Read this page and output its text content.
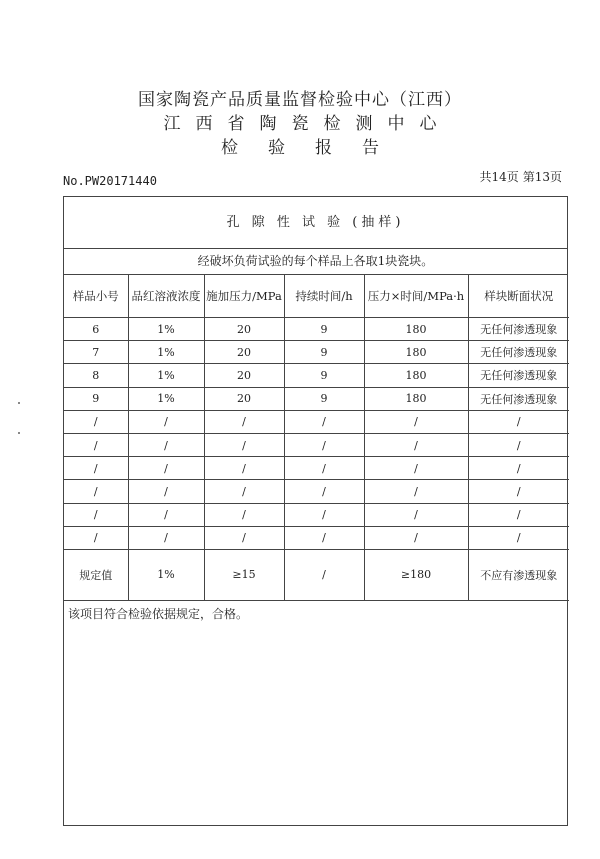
国家陶瓷产品质量监督检验中心（江西）
江西省陶瓷检测中心
检验报告
No.PW20171440	共14页 第13页
孔 隙 性 试 验 (抽样)
经破坏负荷试验的每个样品上各取1块瓷块。
样品小号	品红溶液浓度	施加压力/MPa	持续时间/h	压力×时间/MPa·h	样块断面状况
6	1%	20	9	180	无任何渗透现象
7	1%	20	9	180	无任何渗透现象
8	1%	20	9	180	无任何渗透现象
9	1%	20	9	180	无任何渗透现象
/	/	/	/	/	/
/	/	/	/	/	/
/	/	/	/	/	/
/	/	/	/	/	/
/	/	/	/	/	/
/	/	/	/	/	/
规定值	1%	≥15	/	≥180	不应有渗透现象
该项目符合检验依据规定，合格。
